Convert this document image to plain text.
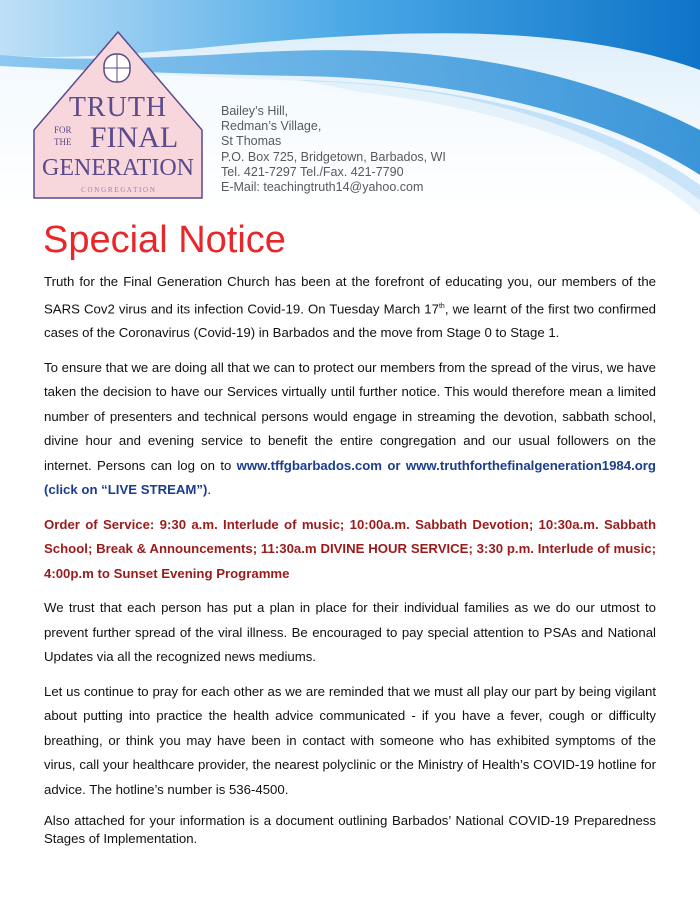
TRUTH
FOR
THE FINAL
GENERATION
C O N G R E G A T I O N
Bailey’s Hill,
Redman’s Village,
St Thomas
P.O. Box 725, Bridgetown, Barbados, WI
Tel. 421-7297 Tel./Fax. 421-7790
E-Mail: teachingtruth14@yahoo.com
Special Notice

Truth for the Final Generation Church has been at the forefront of educating you, our members of the SARS Cov2 virus and its infection Covid-19. On Tuesday March 17th, we learnt of the first two confirmed cases of the Coronavirus (Covid-19) in Barbados and the move from Stage 0 to Stage 1.

To ensure that we are doing all that we can to protect our members from the spread of the virus, we have taken the decision to have our Services virtually until further notice. This would therefore mean a limited number of presenters and technical persons would engage in streaming the devotion, sabbath school, divine hour and evening service to benefit the entire congregation and our usual followers on the internet. Persons can log on to www.tffgbarbados.com or www.truthforthefinalgeneration1984.org (click on “LIVE STREAM”).

Order of Service: 9:30 a.m. Interlude of music; 10:00a.m. Sabbath Devotion; 10:30a.m. Sabbath School; Break & Announcements; 11:30a.m DIVINE HOUR SERVICE; 3:30 p.m. Interlude of music; 4:00p.m to Sunset Evening Programme

We trust that each person has put a plan in place for their individual families as we do our utmost to prevent further spread of the viral illness. Be encouraged to pay special attention to PSAs and National Updates via all the recognized news mediums.

Let us continue to pray for each other as we are reminded that we must all play our part by being vigilant about putting into practice the health advice communicated - if you have a fever, cough or difficulty breathing, or think you may have been in contact with someone who has exhibited symptoms of the virus, call your healthcare provider, the nearest polyclinic or the Ministry of Health’s COVID-19 hotline for advice. The hotline’s number is 536-4500.

Also attached for your information is a document outlining Barbados’ National COVID-19 Preparedness Stages of Implementation.
